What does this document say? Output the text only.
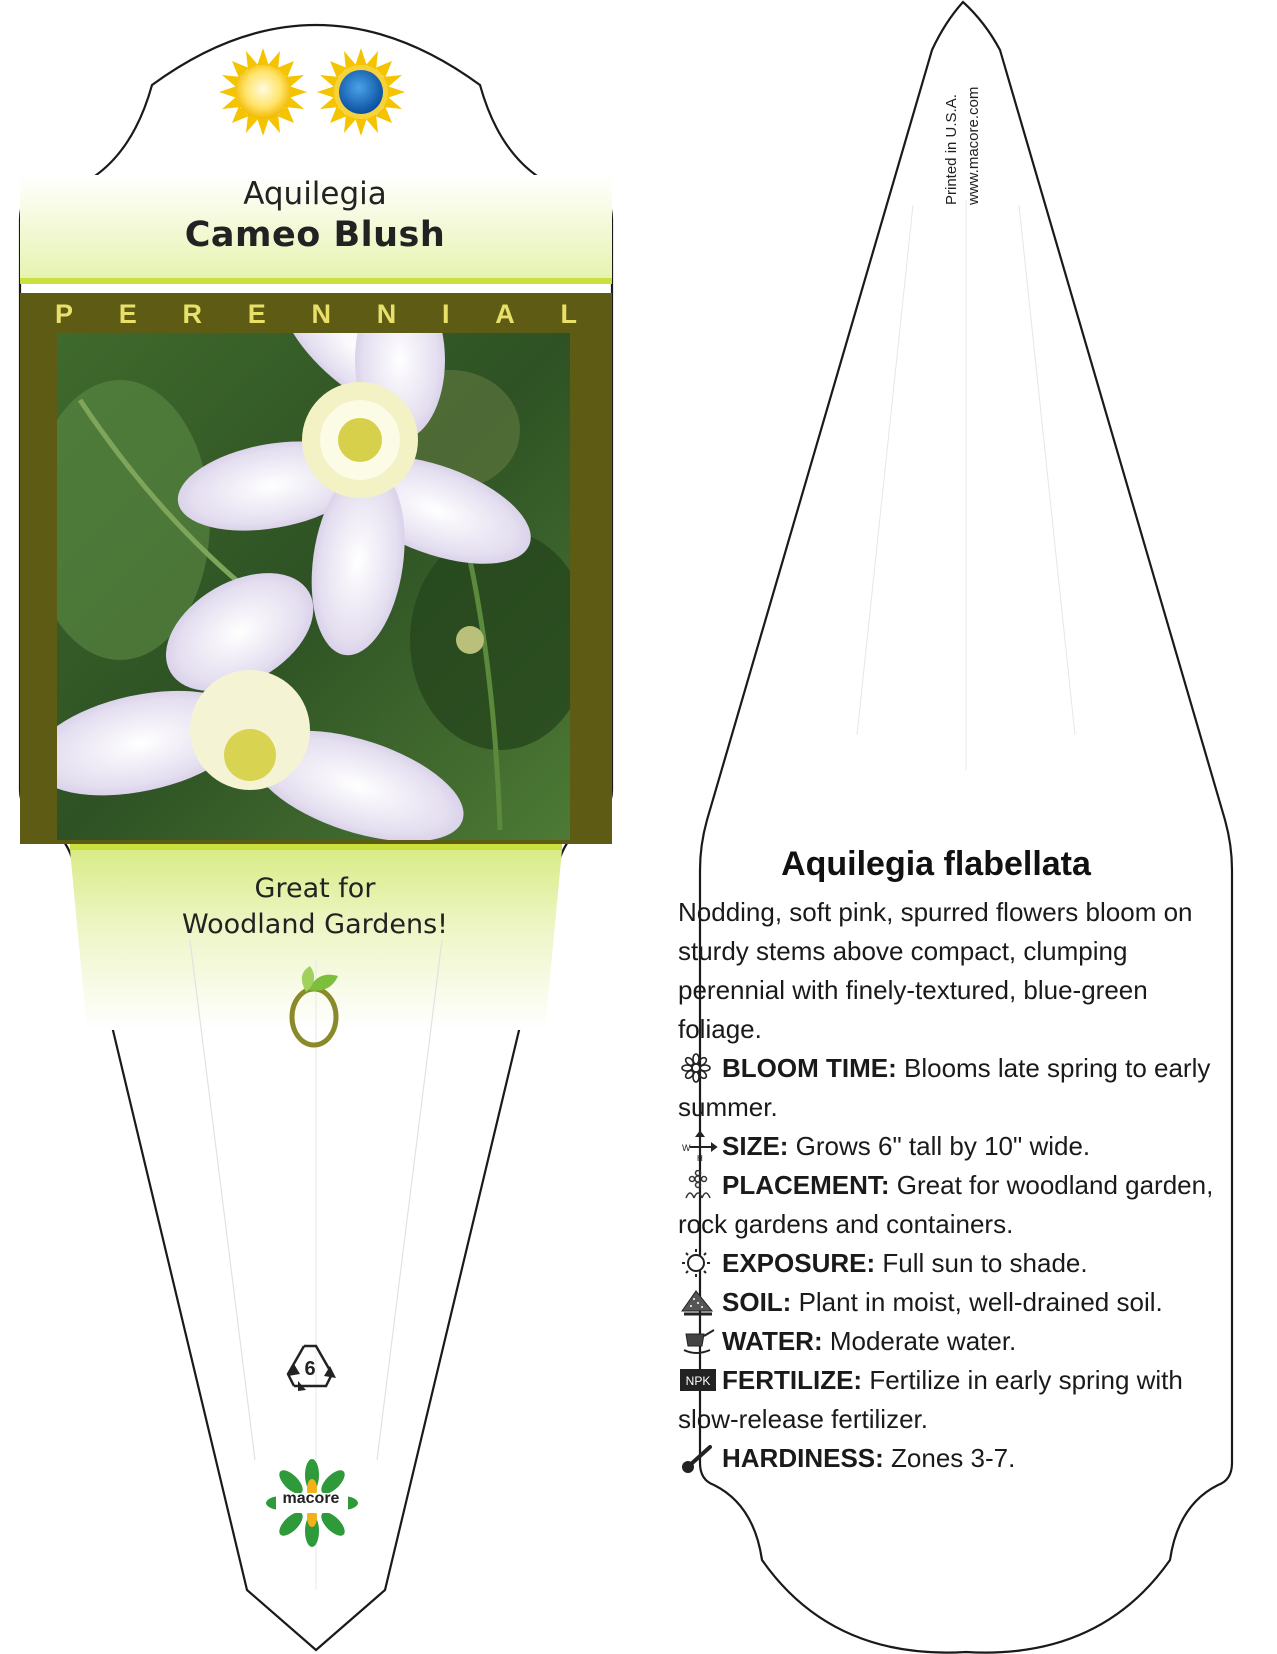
Aquilegia
Cameo Blush
P E R E N N I A L
Great for
Woodland Gardens!
6
macore
Printed in U.S.A. www.macore.com
Aquilegia flabellata

Nodding, soft pink, spurred flowers bloom on sturdy stems above compact, clumping perennial with finely-textured, blue-green foliage.

BLOOM TIME: Blooms late spring to early summer.

W
H SIZE: Grows 6" tall by 10" wide.

PLACEMENT: Great for woodland garden, rock gardens and containers.

EXPOSURE: Full sun to shade.

SOIL: Plant in moist, well-drained soil.

WATER: Moderate water.

NPK FERTILIZE: Fertilize in early spring with slow-release fertilizer.

HARDINESS: Zones 3-7.
